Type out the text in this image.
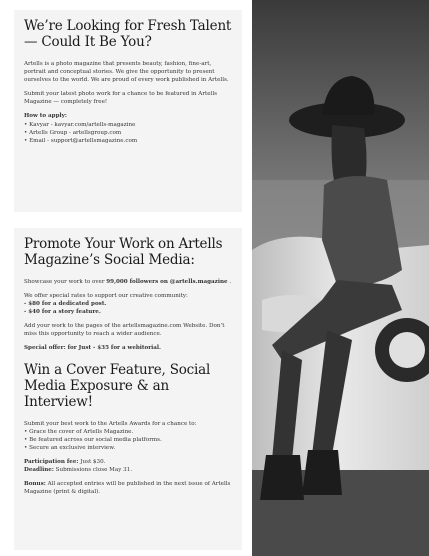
We’re Looking for Fresh Talent — Could It Be You?

Artells is a photo magazine that presents beauty, fashion, fine-art, portrait and conceptual stories. We give the opportunity to present ourselves to the world. We are proud of every work published in Artells.

Submit your latest photo work for a chance to be featured in Artells Magazine — completely free!

How to apply:

• Kavyar - kavyar.com/artells-magazine
• Artells Group - artellsgroup.com
• Email - support@artellsmagazine.com
Promote Your Work on Artells Magazine’s Social Media:

Showcase your work to over 99,000 followers on @artells.magazine .

We offer special rates to support our creative community:
- $80 for a dedicated post.
- $40 for a story feature.

Add your work to the pages of the artellsmagazine.com Website. Don’t miss this opportunity to reach a wider audience.

Special offer: for Just - $35 for a webitorial.

Win a Cover Feature, Social Media Exposure & an Interview!

Submit your best work to the Artells Awards for a chance to:

• Grace the cover of Artells Magazine.
• Be featured across our social media platforms.
• Secure an exclusive interview.

Participation fee: Just $30.
Deadline: Submissions close May 31.

Bonus: All accepted entries will be published in the next issue of Artells Magazine (print & digital).
